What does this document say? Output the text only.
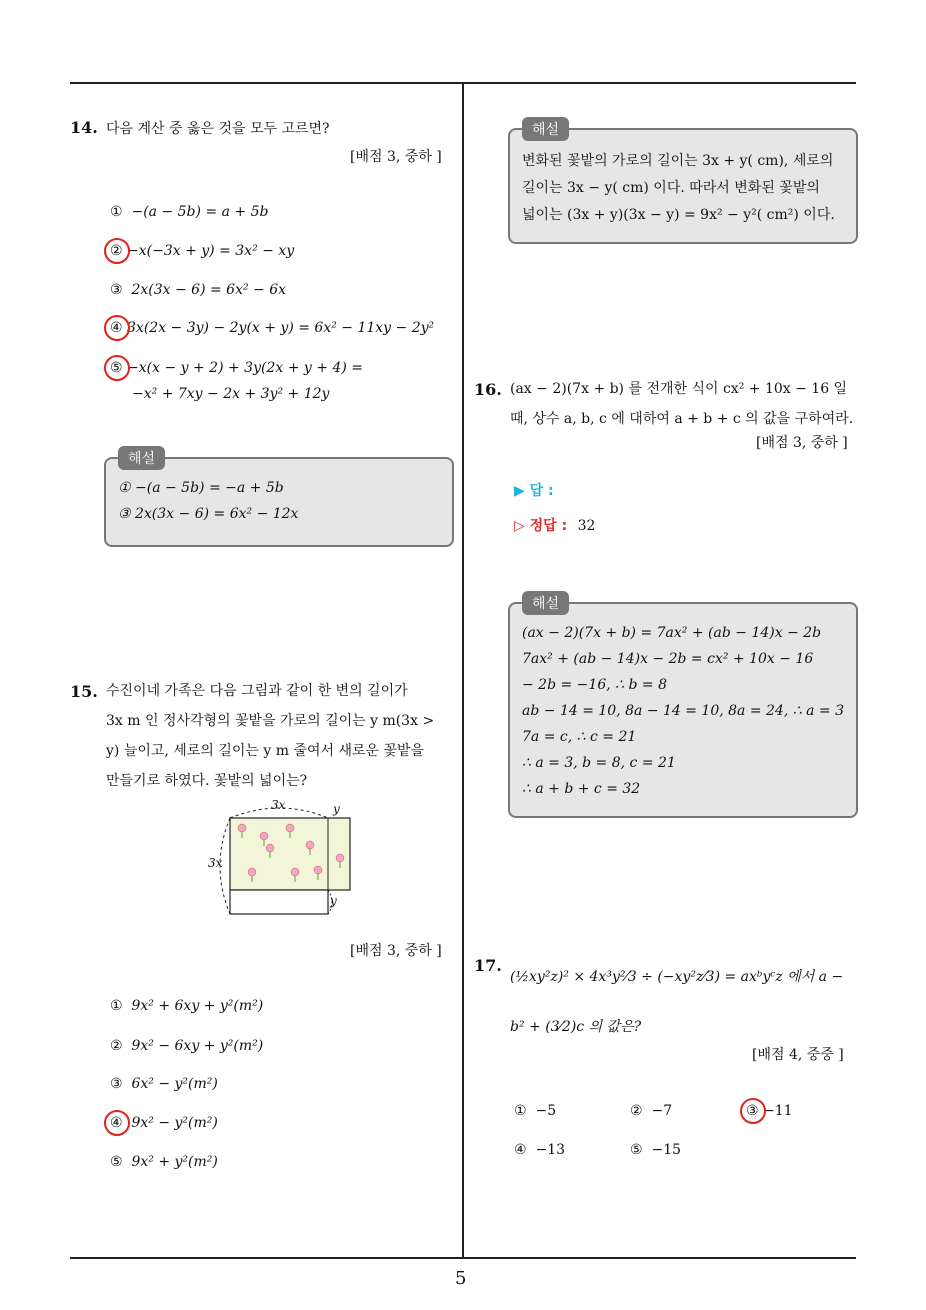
5
14. 다음 계산 중 옳은 것을 모두 고르면?
[배점 3, 중하 ]
① −(a − 5b) = a + 5b
② −x(−3x + y) = 3x² − xy
③ 2x(3x − 6) = 6x² − 6x
④ 3x(2x − 3y) − 2y(x + y) = 6x² − 11xy − 2y²
⑤ −x(x − y + 2) + 3y(2x + y + 4) =
−x² + 7xy − 2x + 3y² + 12y
해설
① −(a − 5b) = −a + 5b
③ 2x(3x − 6) = 6x² − 12x
15. 수진이네 가족은 다음 그림과 같이 한 변의 길이가
3x m 인 정사각형의 꽃밭을 가로의 길이는 y m(3x >
y) 늘이고, 세로의 길이는 y m 줄여서 새로운 꽃밭을
만들기로 하였다. 꽃밭의 넓이는?
3x	y
3x
y
[배점 3, 중하 ]
① 9x² + 6xy + y²(m²)
② 9x² − 6xy + y²(m²)
③ 6x² − y²(m²)
④ 9x² − y²(m²)
⑤ 9x² + y²(m²)
해설
변화된 꽃밭의 가로의 길이는 3x + y( cm), 세로의
길이는 3x − y( cm) 이다. 따라서 변화된 꽃밭의
넓이는 (3x + y)(3x − y) = 9x² − y²( cm²) 이다.
16. (ax − 2)(7x + b) 를 전개한 식이 cx² + 10x − 16 일
때, 상수 a, b, c 에 대하여 a + b + c 의 값을 구하여라.
[배점 3, 중하 ]
▶ 답 :
▷ 정답 : 32
해설
(ax − 2)(7x + b) = 7ax² + (ab − 14)x − 2b
7ax² + (ab − 14)x − 2b = cx² + 10x − 16
− 2b = −16, ∴ b = 8
ab − 14 = 10, 8a − 14 = 10, 8a = 24, ∴ a = 3
7a = c, ∴ c = 21
∴ a = 3, b = 8, c = 21
∴ a + b + c = 32
17.
(½xy²z)² × 4x³y²⁄3 ÷ (−xy²z⁄3) = axᵇyᶜz 에서 a −
b² + (3⁄2)c 의 값은?
[배점 4, 중중 ]
① −5	② −7	③ −11
④ −13	⑤ −15
